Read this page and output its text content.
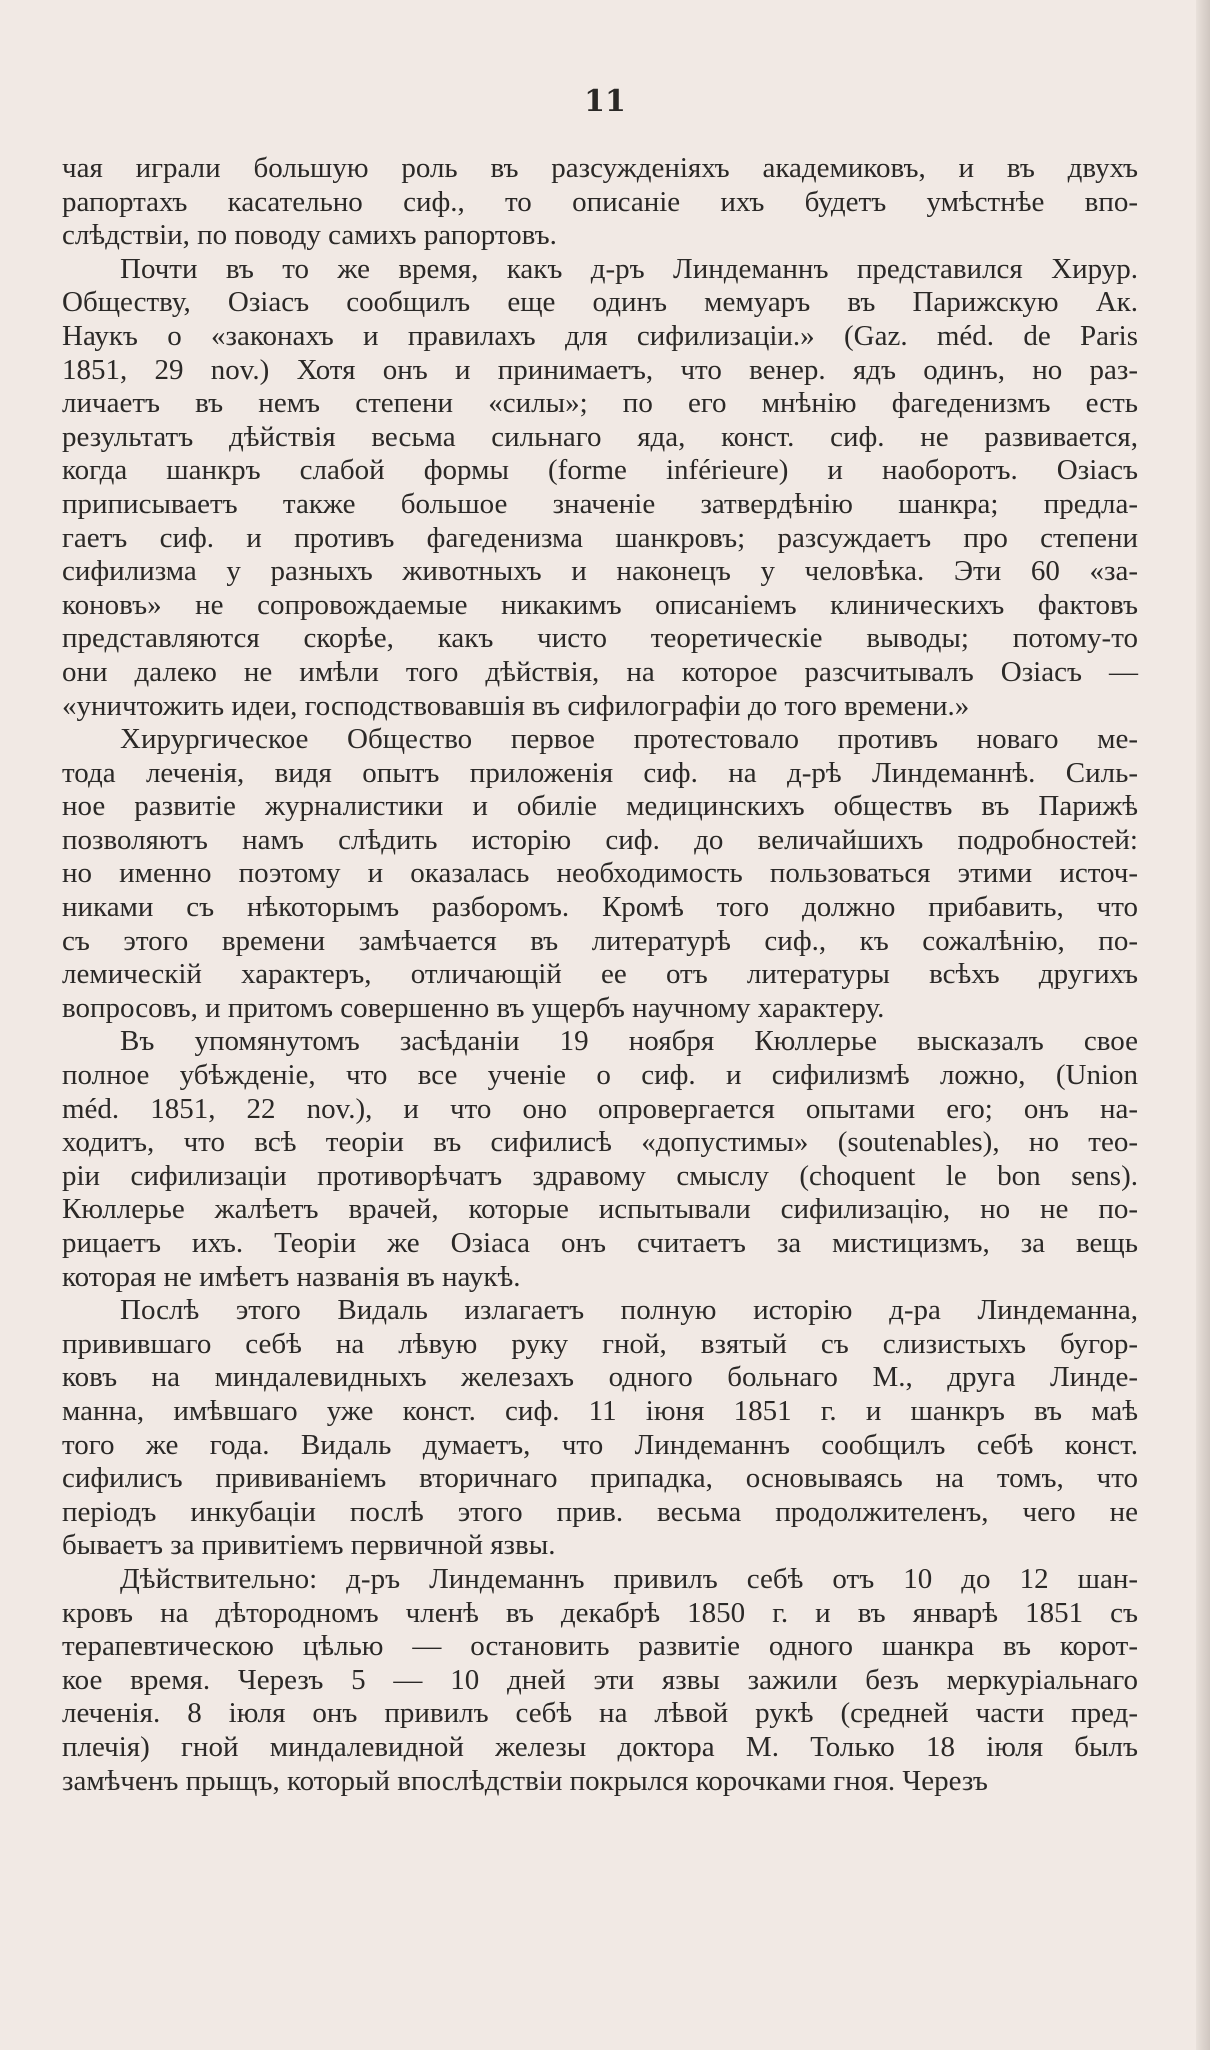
11
чая играли большую роль въ разсужденiяхъ академиковъ, и въ двухъ
рапортахъ касательно сиф., то описанiе ихъ будетъ умѣстнѣе впо-
слѣдствiи, по поводу самихъ рапортовъ.
Почти въ то же время, какъ д-ръ Линдеманнъ представился Хирур.
Обществу, Озiасъ сообщилъ еще одинъ мемуаръ въ Парижскую Ак.
Наукъ о «законахъ и правилахъ для сифилизацiи.» (Gaz. méd. de Paris
1851, 29 nov.) Хотя онъ и принимаетъ, что венер. ядъ одинъ, но раз-
личаетъ въ немъ степени «силы»; по его мнѣнiю фагеденизмъ есть
результатъ дѣйствiя весьма сильнаго яда, конст. сиф. не развивается,
когда шанкръ слабой формы (forme inférieure) и наоборотъ. Озiасъ
приписываетъ также большое значенiе затвердѣнiю шанкра; предла-
гаетъ сиф. и противъ фагеденизма шанкровъ; разсуждаетъ про степени
сифилизма у разныхъ животныхъ и наконецъ у человѣка. Эти 60 «за-
коновъ» не сопровождаемые никакимъ описанiемъ клиническихъ фактовъ
представляются скорѣе, какъ чисто теоретическiе выводы; потому-то
они далеко не имѣли того дѣйствiя, на которое разсчитывалъ Озiасъ —
«уничтожить идеи, господствовавшiя въ сифилографiи до того времени.»
Хирургическое Общество первое протестовало противъ новаго ме-
тода леченiя, видя опытъ приложенiя сиф. на д-рѣ Линдеманнѣ. Силь-
ное развитiе журналистики и обилiе медицинскихъ обществъ въ Парижѣ
позволяютъ намъ слѣдить исторiю сиф. до величайшихъ подробностей:
но именно поэтому и оказалась необходимость пользоваться этими источ-
никами съ нѣкоторымъ разборомъ. Кромѣ того должно прибавить, что
съ этого времени замѣчается въ литературѣ сиф., къ сожалѣнiю, по-
лемическiй характеръ, отличающiй ее отъ литературы всѣхъ другихъ
вопросовъ, и притомъ совершенно въ ущербъ научному характеру.
Въ упомянутомъ засѣданiи 19 ноября Кюллерье высказалъ свое
полное убѣжденiе, что все ученiе о сиф. и сифилизмѣ ложно, (Union
méd. 1851, 22 nov.), и что оно опровергается опытами его; онъ на-
ходитъ, что всѣ теорiи въ сифилисѣ «допустимы» (soutenables), но тео-
рiи сифилизацiи противорѣчатъ здравому смыслу (choquent le bon sens).
Кюллерье жалѣетъ врачей, которые испытывали сифилизацiю, но не по-
рицаетъ ихъ. Теорiи же Озiаса онъ считаетъ за мистицизмъ, за вещь
которая не имѣетъ названiя въ наукѣ.
Послѣ этого Видаль излагаетъ полную исторiю д-ра Линдеманна,
привившаго себѣ на лѣвую руку гной, взятый съ слизистыхъ бугор-
ковъ на миндалевидныхъ железахъ одного больнаго М., друга Линде-
манна, имѣвшаго уже конст. сиф. 11 iюня 1851 г. и шанкръ въ маѣ
того же года. Видаль думаетъ, что Линдеманнъ сообщилъ себѣ конст.
сифилисъ прививанiемъ вторичнаго припадка, основываясь на томъ, что
перiодъ инкубацiи послѣ этого прив. весьма продолжителенъ, чего не
бываетъ за привитiемъ первичной язвы.
Дѣйствительно: д-ръ Линдеманнъ привилъ себѣ отъ 10 до 12 шан-
кровъ на дѣтородномъ членѣ въ декабрѣ 1850 г. и въ январѣ 1851 съ
терапевтическою цѣлью — остановить развитiе одного шанкра въ корот-
кое время. Черезъ 5 — 10 дней эти язвы зажили безъ меркурiальнаго
леченiя. 8 iюля онъ привилъ себѣ на лѣвой рукѣ (средней части пред-
плечiя) гной миндалевидной железы доктора М. Только 18 iюля былъ
замѣченъ прыщъ, который впослѣдствiи покрылся корочками гноя. Черезъ
